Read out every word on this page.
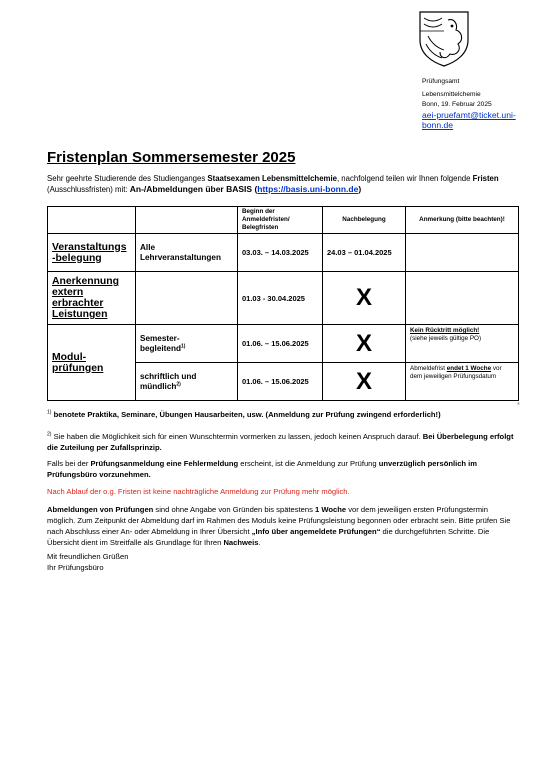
Prüfungsamt
Lebensmittelchemie
Bonn, 19. Februar 2025
aei-pruefamt@ticket.uni-
bonn.de
Fristenplan Sommersemester 2025
Sehr geehrte Studierende des Studienganges Staatsexamen Lebensmittelchemie, nachfolgend teilen wir Ihnen folgende Fristen (Ausschlussfristen) mit: An-/Abmeldungen über BASIS (https://basis.uni-bonn.de)
		Beginn der
Anmeldefristen/
Belegfristen	Nachbelegung	Anmerkung (bitte beachten)!
Veranstaltungs
-belegung	Alle
Lehrveranstaltungen	03.03. – 14.03.2025	24.03 – 01.04.2025	
Anerkennung
extern
erbrachter
Leistungen		01.03 - 30.04.2025	X	
Modul-
prüfungen	Semester-
begleitend$^{1)}$	01.06. – 15.06.2025	X	Kein Rücktritt möglich!
(siehe jeweils gültige PO)
	schriftlich und
mündlich$^{2)}$	01.06. – 15.06.2025	X	Abmeldefrist endet 1 Woche vor dem jeweiligen Prüfungsdatum
®
$^{1)}$ benotete Praktika, Seminare, Übungen Hausarbeiten, usw. (Anmeldung zur Prüfung zwingend erforderlich!)
$^{2)}$ Sie haben die Möglichkeit sich für einen Wunschtermin vormerken zu lassen, jedoch keinen Anspruch darauf. Bei Überbelegung erfolgt die Zuteilung per Zufallsprinzip.
Falls bei der Prüfungsanmeldung eine Fehlermeldung erscheint, ist die Anmeldung zur Prüfung unverzüglich persönlich im Prüfungsbüro vorzunehmen.
Nach Ablauf der o.g. Fristen ist keine nachträgliche Anmeldung zur Prüfung mehr möglich.
Abmeldungen von Prüfungen sind ohne Angabe von Gründen bis spätestens 1 Woche vor dem jeweiligen ersten Prüfungstermin möglich. Zum Zeitpunkt der Abmeldung darf im Rahmen des Moduls keine Prüfungsleistung begonnen oder erbracht sein. Bitte prüfen Sie nach Abschluss einer An- oder Abmeldung in Ihrer Übersicht „Info über angemeldete Prüfungen“ die durchgeführten Schritte. Die Übersicht dient im Streitfalle als Grundlage für Ihren Nachweis.
Mit freundlichen Grüßen
Ihr Prüfungsbüro
